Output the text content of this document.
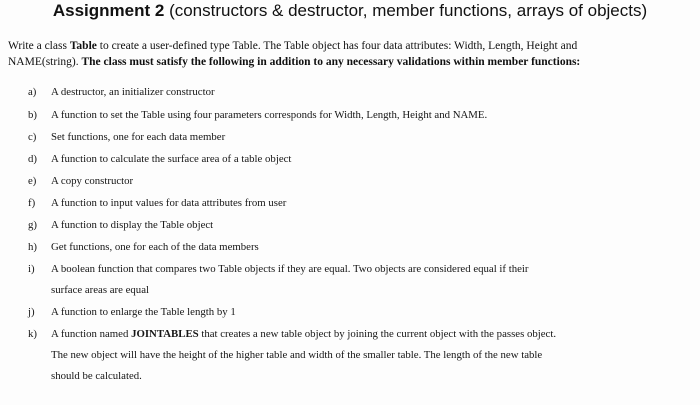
Assignment 2 (constructors & destructor, member functions, arrays of objects)
Write a class Table to create a user-defined type Table. The Table object has four data attributes: Width, Length, Height and
NAME(string). The class must satisfy the following in addition to any necessary validations within member functions:
a)	A destructor, an initializer constructor
b)	A function to set the Table using four parameters corresponds for Width, Length, Height and NAME.
c)	Set functions, one for each data member
d)	A function to calculate the surface area of a table object
e)	A copy constructor
f)	A function to input values for data attributes from user
g)	A function to display the Table object
h)	Get functions, one for each of the data members
i)	A boolean function that compares two Table objects if they are equal. Two objects are considered equal if their
surface areas are equal
j)	A function to enlarge the Table length by 1
k)	A function named JOINTABLES that creates a new table object by joining the current object with the passes object.
The new object will have the height of the higher table and width of the smaller table. The length of the new table
should be calculated.
